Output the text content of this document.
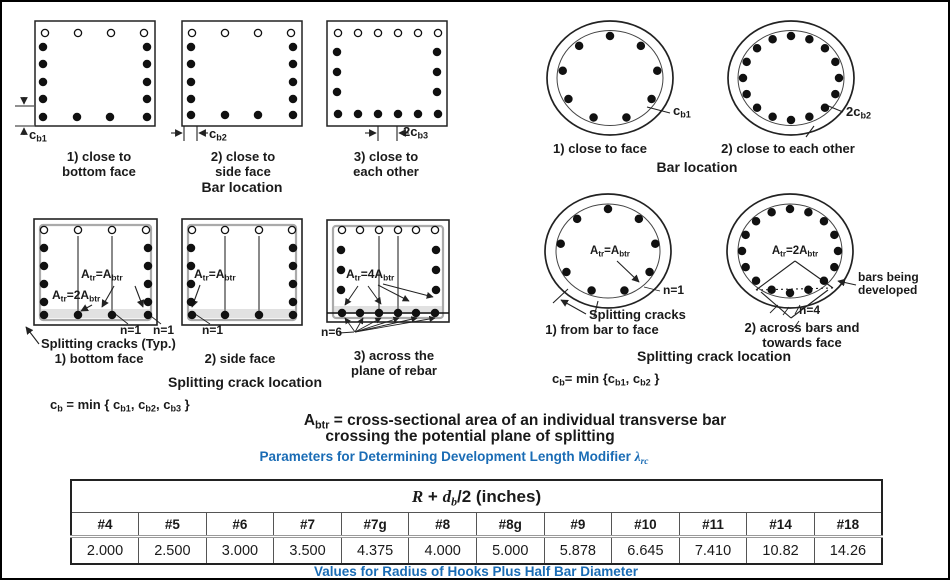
$c_{b1}$	$c_{b2}$	$2c_{b3}$
1) close to
bottom face
2) close to
side face
3) close to
each other
Bar location
$c_{b1}$	$2c_{b2}$
1) close to face	2) close to each other
Bar location
$A_{tr}=A_{btr}$
$A_{tr}=2A_{btr}$
n=1 n=1
$A_{tr}=A_{btr}$
n=1
$A_{tr}=4A_{btr}$
n=6
Splitting cracks (Typ.)
1) bottom face	2) side face	3) across the
plane of rebar
Splitting crack location
$c_b = \min$ { $c_{b1}$, $c_{b2}$, $c_{b3}$ }
$A_{tr}=A_{btr}$
n=1
Splitting cracks
1) from bar to face
$A_{tr}=2A_{btr}$
n=4
bars being
developed
2) across bars and
towards face
Splitting crack location
$c_b= \min \{c_{b1}$, $c_{b2}$ }
$A_{btr}$ = cross-sectional area of an individual transverse bar
crossing the potential plane of splitting
Parameters for Determining Development Length Modifier $\lambda_{rc}$
$R + d_b/2$ (inches)											
#4	#5	#6	#7	#7g	#8	#8g	#9	#10	#11	#14	#18
2.000	2.500	3.000	3.500	4.375	4.000	5.000	5.878	6.645	7.410	10.82	14.26
Values for Radius of Hooks Plus Half Bar Diameter
